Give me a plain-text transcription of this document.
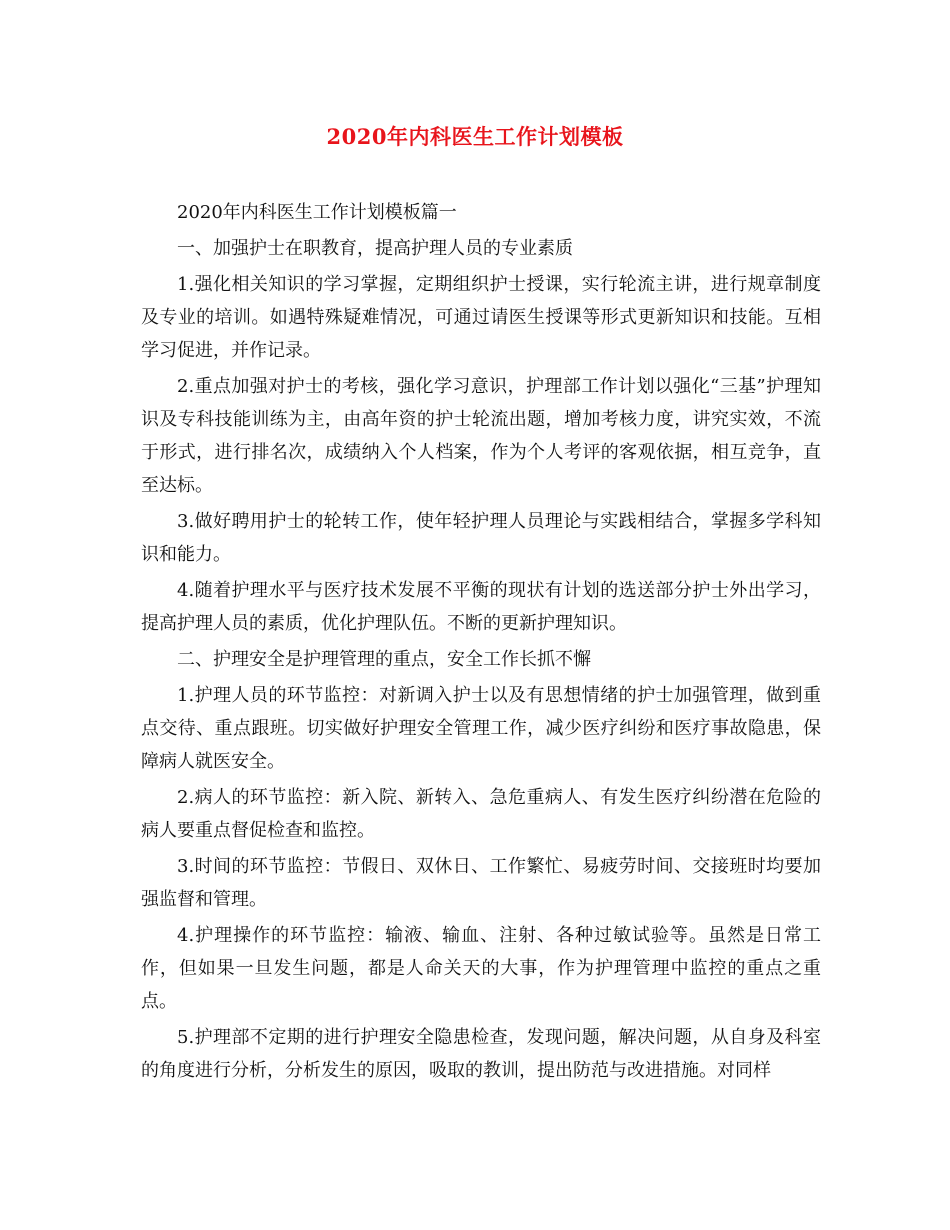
2020年内科医生工作计划模板

2020年内科医生工作计划模板篇一

一、加强护士在职教育，提高护理人员的专业素质

1.强化相关知识的学习掌握，定期组织护士授课，实行轮流主讲，进行规章制度及专业的培训。如遇特殊疑难情况，可通过请医生授课等形式更新知识和技能。互相学习促进，并作记录。

2.重点加强对护士的考核，强化学习意识，护理部工作计划以强化“三基”护理知识及专科技能训练为主，由高年资的护士轮流出题，增加考核力度，讲究实效，不流于形式，进行排名次，成绩纳入个人档案，作为个人考评的客观依据，相互竞争，直至达标。

3.做好聘用护士的轮转工作，使年轻护理人员理论与实践相结合，掌握多学科知识和能力。

4.随着护理水平与医疗技术发展不平衡的现状有计划的选送部分护士外出学习，提高护理人员的素质，优化护理队伍。不断的更新护理知识。

二、护理安全是护理管理的重点，安全工作长抓不懈

1.护理人员的环节监控：对新调入护士以及有思想情绪的护士加强管理，做到重点交待、重点跟班。切实做好护理安全管理工作，减少医疗纠纷和医疗事故隐患，保障病人就医安全。

2.病人的环节监控：新入院、新转入、急危重病人、有发生医疗纠纷潜在危险的病人要重点督促检查和监控。

3.时间的环节监控：节假日、双休日、工作繁忙、易疲劳时间、交接班时均要加强监督和管理。

4.护理操作的环节监控：输液、输血、注射、各种过敏试验等。虽然是日常工作，但如果一旦发生问题，都是人命关天的大事，作为护理管理中监控的重点之重点。

5.护理部不定期的进行护理安全隐患检查，发现问题，解决问题，从自身及科室的角度进行分析，分析发生的原因，吸取的教训，提出防范与改进措施。对同样
